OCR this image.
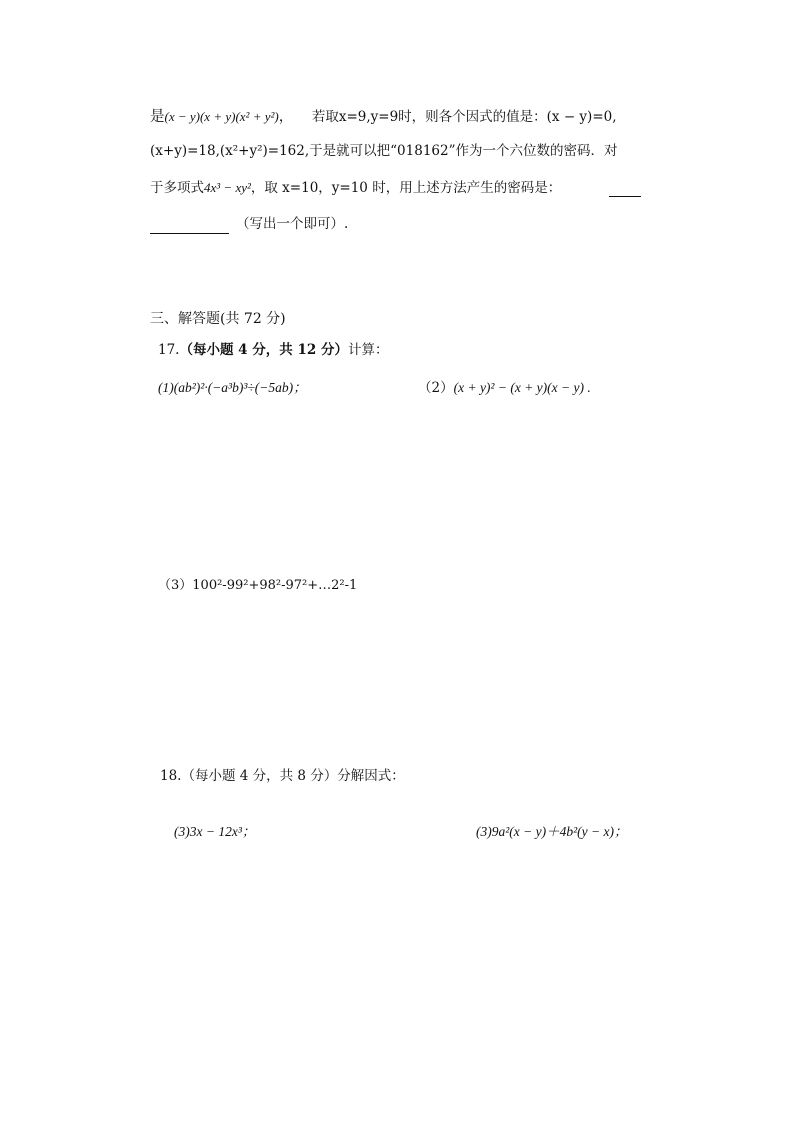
是(x − y)(x + y)(x² + y²)， 若取x=9,y=9时，则各个因式的值是：(x − y)=0,
(x+y)=18,(x²+y²)=162,于是就可以把“018162”作为一个六位数的密码．对
于多项式4x³ − xy²，取 x=10，y=10 时，用上述方法产生的密码是：
（写出一个即可）.
三、解答题(共 72 分)
17.（每小题 4 分，共 12 分）计算：
(1)(ab²)²·(−a³b)³÷(−5ab)；	（2）(x + y)² − (x + y)(x − y) .
（3）100²-99²+98²-97²+…2²-1
18.（每小题 4 分，共 8 分）分解因式：
(3)3x − 12x³；	(3)9a²(x − y)＋4b²(y − x)；
